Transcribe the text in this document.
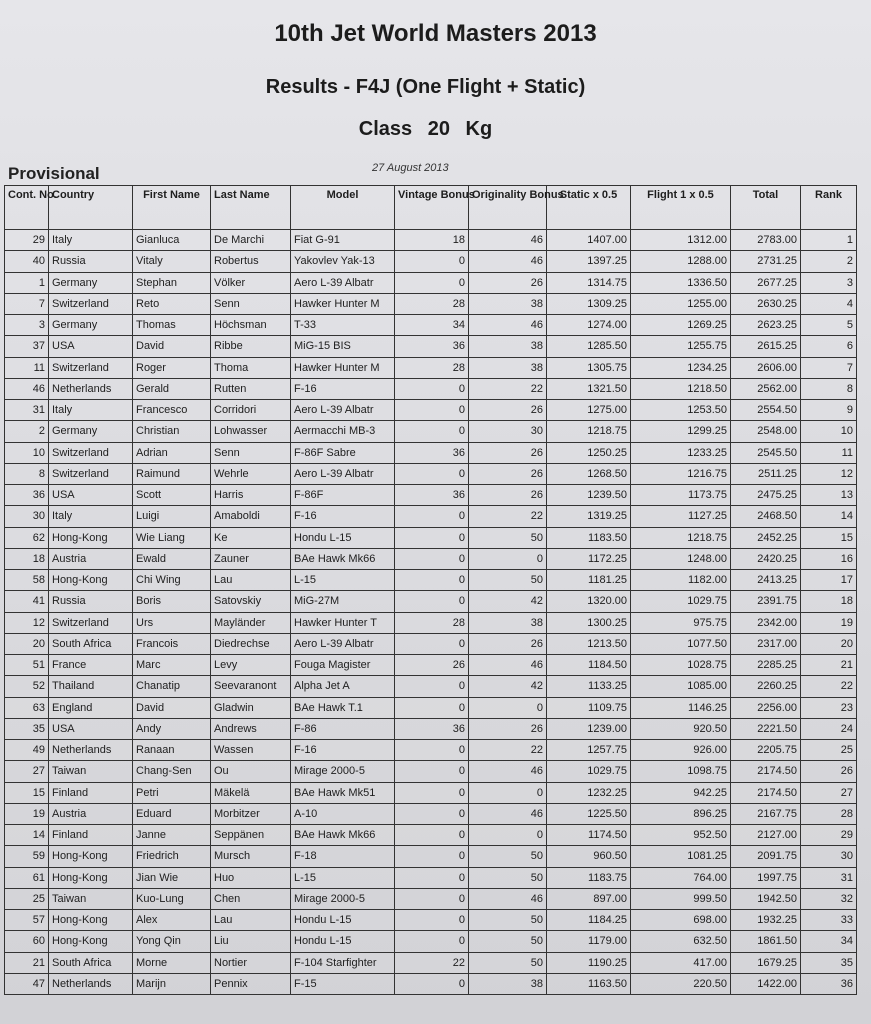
10th Jet World Masters 2013
Results - F4J (One Flight + Static)
Class 20 Kg
Provisional	27 August 2013
Cont. No.	Country	First Name	Last Name	Model	Vintage Bonus	Originality Bonus	Static x 0.5	Flight 1 x 0.5	Total	Rank
29	Italy	Gianluca	De Marchi	Fiat G-91	18	46	1407.00	1312.00	2783.00	1
40	Russia	Vitaly	Robertus	Yakovlev Yak-13	0	46	1397.25	1288.00	2731.25	2
1	Germany	Stephan	Völker	Aero L-39 Albatr	0	26	1314.75	1336.50	2677.25	3
7	Switzerland	Reto	Senn	Hawker Hunter M	28	38	1309.25	1255.00	2630.25	4
3	Germany	Thomas	Höchsman	T-33	34	46	1274.00	1269.25	2623.25	5
37	USA	David	Ribbe	MiG-15 BIS	36	38	1285.50	1255.75	2615.25	6
11	Switzerland	Roger	Thoma	Hawker Hunter M	28	38	1305.75	1234.25	2606.00	7
46	Netherlands	Gerald	Rutten	F-16	0	22	1321.50	1218.50	2562.00	8
31	Italy	Francesco	Corridori	Aero L-39 Albatr	0	26	1275.00	1253.50	2554.50	9
2	Germany	Christian	Lohwasser	Aermacchi MB-3	0	30	1218.75	1299.25	2548.00	10
10	Switzerland	Adrian	Senn	F-86F Sabre	36	26	1250.25	1233.25	2545.50	11
8	Switzerland	Raimund	Wehrle	Aero L-39 Albatr	0	26	1268.50	1216.75	2511.25	12
36	USA	Scott	Harris	F-86F	36	26	1239.50	1173.75	2475.25	13
30	Italy	Luigi	Amaboldi	F-16	0	22	1319.25	1127.25	2468.50	14
62	Hong-Kong	Wie Liang	Ke	Hondu L-15	0	50	1183.50	1218.75	2452.25	15
18	Austria	Ewald	Zauner	BAe Hawk Mk66	0	0	1172.25	1248.00	2420.25	16
58	Hong-Kong	Chi Wing	Lau	L-15	0	50	1181.25	1182.00	2413.25	17
41	Russia	Boris	Satovskiy	MiG-27M	0	42	1320.00	1029.75	2391.75	18
12	Switzerland	Urs	Mayländer	Hawker Hunter T	28	38	1300.25	975.75	2342.00	19
20	South Africa	Francois	Diedrechse	Aero L-39 Albatr	0	26	1213.50	1077.50	2317.00	20
51	France	Marc	Levy	Fouga Magister	26	46	1184.50	1028.75	2285.25	21
52	Thailand	Chanatip	Seevaranont	Alpha Jet A	0	42	1133.25	1085.00	2260.25	22
63	England	David	Gladwin	BAe Hawk T.1	0	0	1109.75	1146.25	2256.00	23
35	USA	Andy	Andrews	F-86	36	26	1239.00	920.50	2221.50	24
49	Netherlands	Ranaan	Wassen	F-16	0	22	1257.75	926.00	2205.75	25
27	Taiwan	Chang-Sen	Ou	Mirage 2000-5	0	46	1029.75	1098.75	2174.50	26
15	Finland	Petri	Mäkelä	BAe Hawk Mk51	0	0	1232.25	942.25	2174.50	27
19	Austria	Eduard	Morbitzer	A-10	0	46	1225.50	896.25	2167.75	28
14	Finland	Janne	Seppänen	BAe Hawk Mk66	0	0	1174.50	952.50	2127.00	29
59	Hong-Kong	Friedrich	Mursch	F-18	0	50	960.50	1081.25	2091.75	30
61	Hong-Kong	Jian Wie	Huo	L-15	0	50	1183.75	764.00	1997.75	31
25	Taiwan	Kuo-Lung	Chen	Mirage 2000-5	0	46	897.00	999.50	1942.50	32
57	Hong-Kong	Alex	Lau	Hondu L-15	0	50	1184.25	698.00	1932.25	33
60	Hong-Kong	Yong Qin	Liu	Hondu L-15	0	50	1179.00	632.50	1861.50	34
21	South Africa	Morne	Nortier	F-104 Starfighter	22	50	1190.25	417.00	1679.25	35
47	Netherlands	Marijn	Pennix	F-15	0	38	1163.50	220.50	1422.00	36
